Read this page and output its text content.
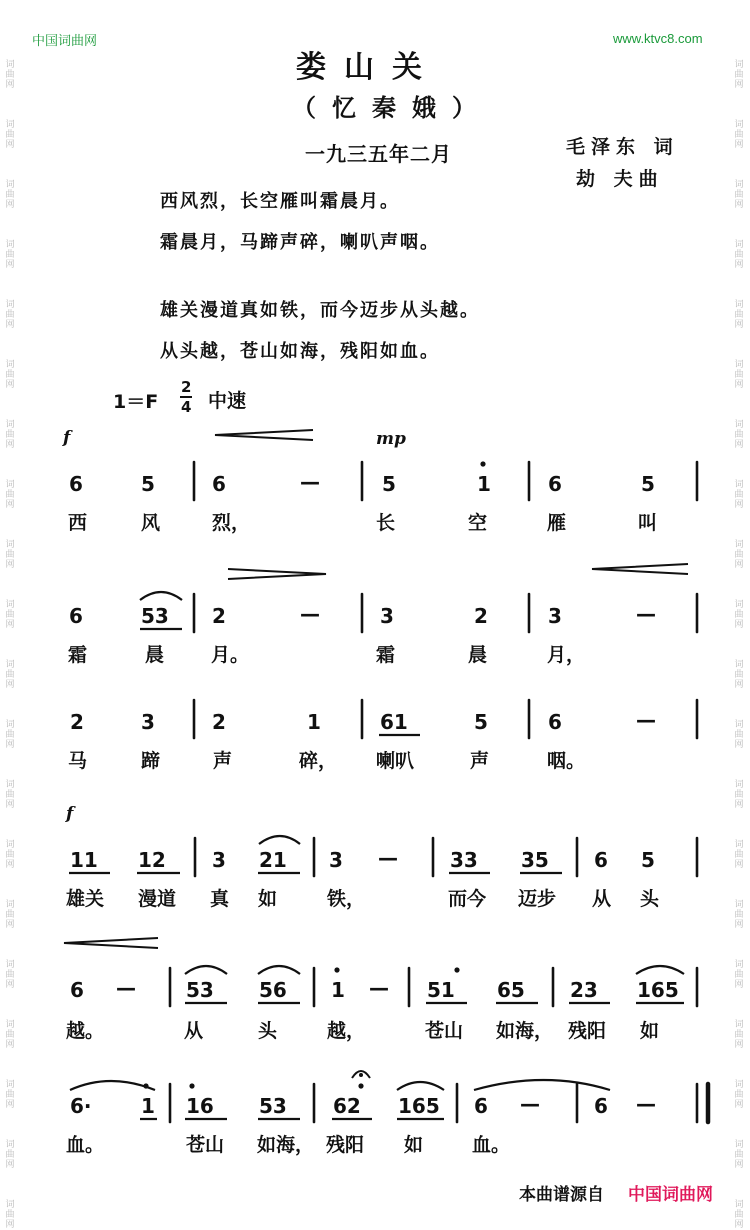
中国词曲网	www.ktvc8.com
词曲网
词曲网
词曲网
词曲网
词曲网
词曲网
词曲网
词曲网
词曲网
词曲网
词曲网
词曲网
词曲网
词曲网
词曲网
词曲网
词曲网
词曲网
词曲网
词曲网
词曲网
词曲网
词曲网
词曲网
词曲网
词曲网
词曲网
词曲网
词曲网
词曲网
词曲网
词曲网
词曲网
词曲网
词曲网
词曲网
词曲网
词曲网
词曲网
词曲网
娄山关
（忆秦娥）
一九三五年二月	毛泽东 词
劫 夫曲
西风烈，长空雁叫霜晨月。
霜晨月，马蹄声碎，喇叭声咽。
雄关漫道真如铁，而今迈步从头越。
从头越，苍山如海，残阳如血。
1＝F
2
4 中速
f	mp
f
6	5	6	—	5	1	6	5
西	风	烈，	长	空	雁	叫
6	53 2	—	3	2	3	—
霜	晨 月。	霜	晨	月，
2	3	2	1	61	5	6	—
马	蹄	声	碎， 喇叭	声	咽。
11 12 3 21 3 —	33 35 6 5
雄关 漫道 真 如	铁，	而今 迈步 从 头
6 —	53 56 1 — 51 65 23 165
越。	从	头	越，	苍山 如海， 残阳 如
6· 1 16 53 62 165 6 —	6 —
血。	苍山 如海， 残阳 如	血。
本曲谱源自 中国词曲网
